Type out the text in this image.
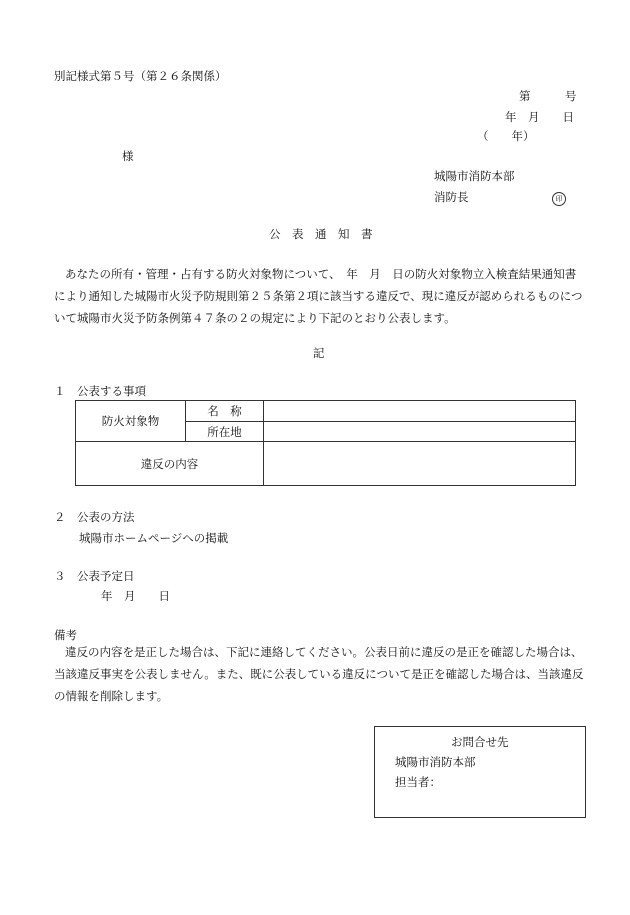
別記様式第５号（第２６条関係）
第　　　号
年　月　　日
（　　年）
様
城陽市消防本部
消防長	印
公　表　通　知　書
あなたの所有・管理・占有する防火対象物について、　年　月　日の防火対象物立入検査結果通知書
により通知した城陽市火災予防規則第２５条第２項に該当する違反で、現に違反が認められるものにつ
いて城陽市火災予防条例第４７条の２の規定により下記のとおり公表します。
記
１　公表する事項
防火対象物	名　称	
	所在地	
違反の内容		
２　公表の方法
城陽市ホームページへの掲載
３　公表予定日
年　月　　日
備考
違反の内容を是正した場合は、下記に連絡してください。公表日前に違反の是正を確認した場合は、
当該違反事実を公表しません。また、既に公表している違反について是正を確認した場合は、当該違反
の情報を削除します。
お問合せ先
城陽市消防本部
担当者：
